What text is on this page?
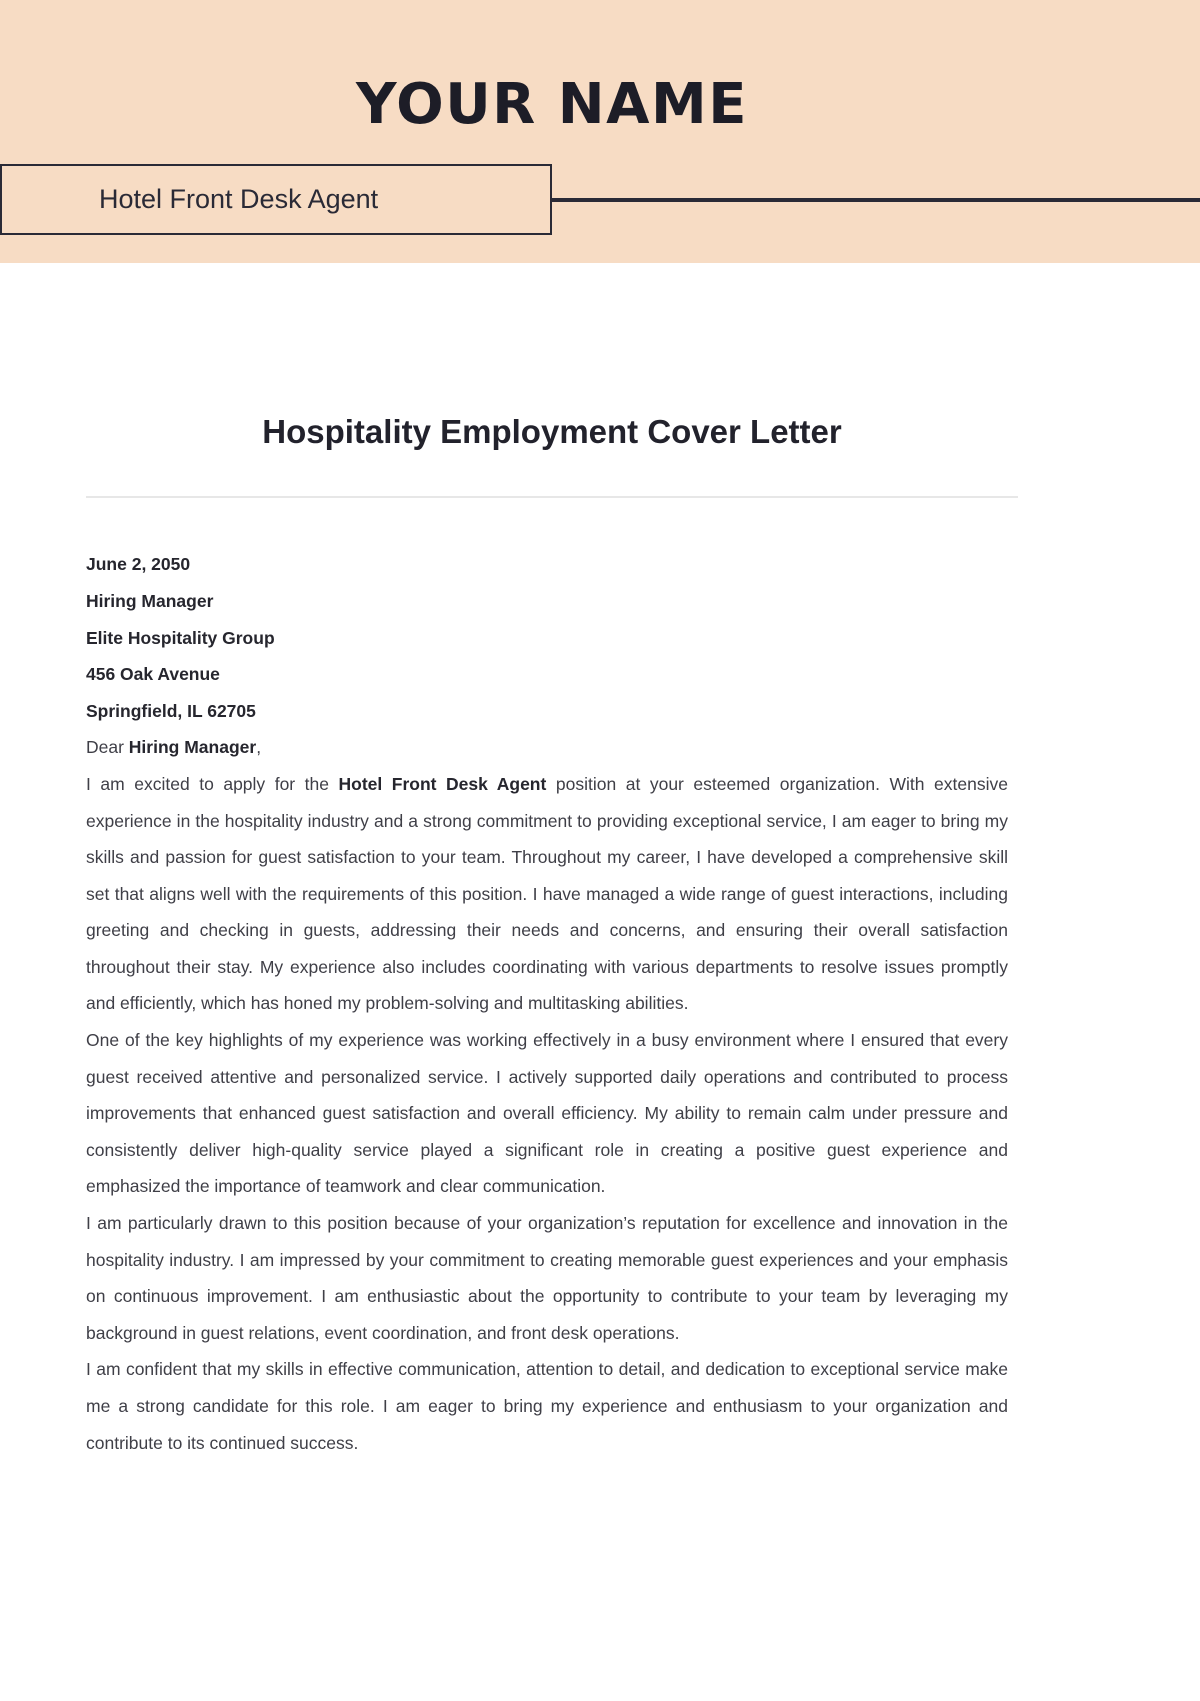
YOUR NAME
Hotel Front Desk Agent
Hospitality Employment Cover Letter

June 2, 2050

Hiring Manager

Elite Hospitality Group

456 Oak Avenue

Springfield, IL 62705

Dear Hiring Manager,

I am excited to apply for the Hotel Front Desk Agent position at your esteemed organization. With extensive experience in the hospitality industry and a strong commitment to providing exceptional service, I am eager to bring my skills and passion for guest satisfaction to your team. Throughout my career, I have developed a comprehensive skill set that aligns well with the requirements of this position. I have managed a wide range of guest interactions, including greeting and checking in guests, addressing their needs and concerns, and ensuring their overall satisfaction throughout their stay. My experience also includes coordinating with various departments to resolve issues promptly and efficiently, which has honed my problem-solving and multitasking abilities.

One of the key highlights of my experience was working effectively in a busy environment where I ensured that every guest received attentive and personalized service. I actively supported daily operations and contributed to process improvements that enhanced guest satisfaction and overall efficiency. My ability to remain calm under pressure and consistently deliver high-quality service played a significant role in creating a positive guest experience and emphasized the importance of teamwork and clear communication.

I am particularly drawn to this position because of your organization’s reputation for excellence and innovation in the hospitality industry. I am impressed by your commitment to creating memorable guest experiences and your emphasis on continuous improvement. I am enthusiastic about the opportunity to contribute to your team by leveraging my background in guest relations, event coordination, and front desk operations.

I am confident that my skills in effective communication, attention to detail, and dedication to exceptional service make me a strong candidate for this role. I am eager to bring my experience and enthusiasm to your organization and contribute to its continued success.
